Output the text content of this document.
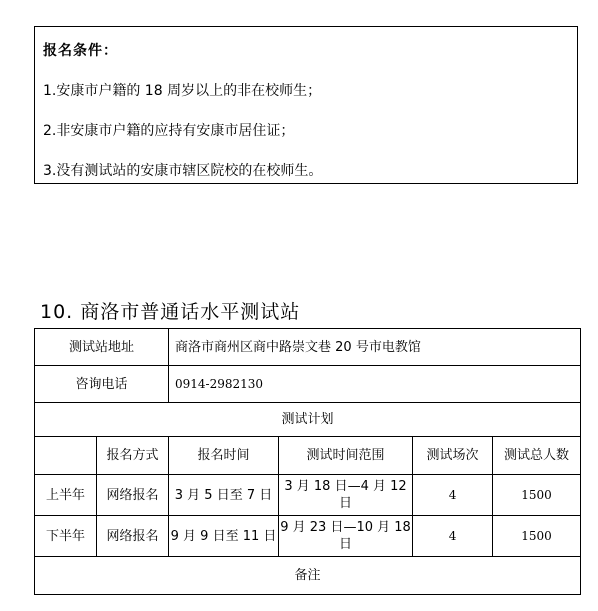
报名条件：
1.安康市户籍的 18 周岁以上的非在校师生；
2.非安康市户籍的应持有安康市居住证；
3.没有测试站的安康市辖区院校的在校师生。
10. 商洛市普通话水平测试站
测试站地址		商洛市商州区商中路崇文巷 20 号市电教馆			
咨询电话		0914-2982130			
测试计划					
	报名方式	报名时间	测试时间范围	测试场次	测试总人数
上半年	网络报名	3 月 5 日至 7 日	3 月 18 日—4 月 12 日	4	1500
下半年	网络报名	9 月 9 日至 11 日	9 月 23 日—10 月 18 日	4	1500
备注					
